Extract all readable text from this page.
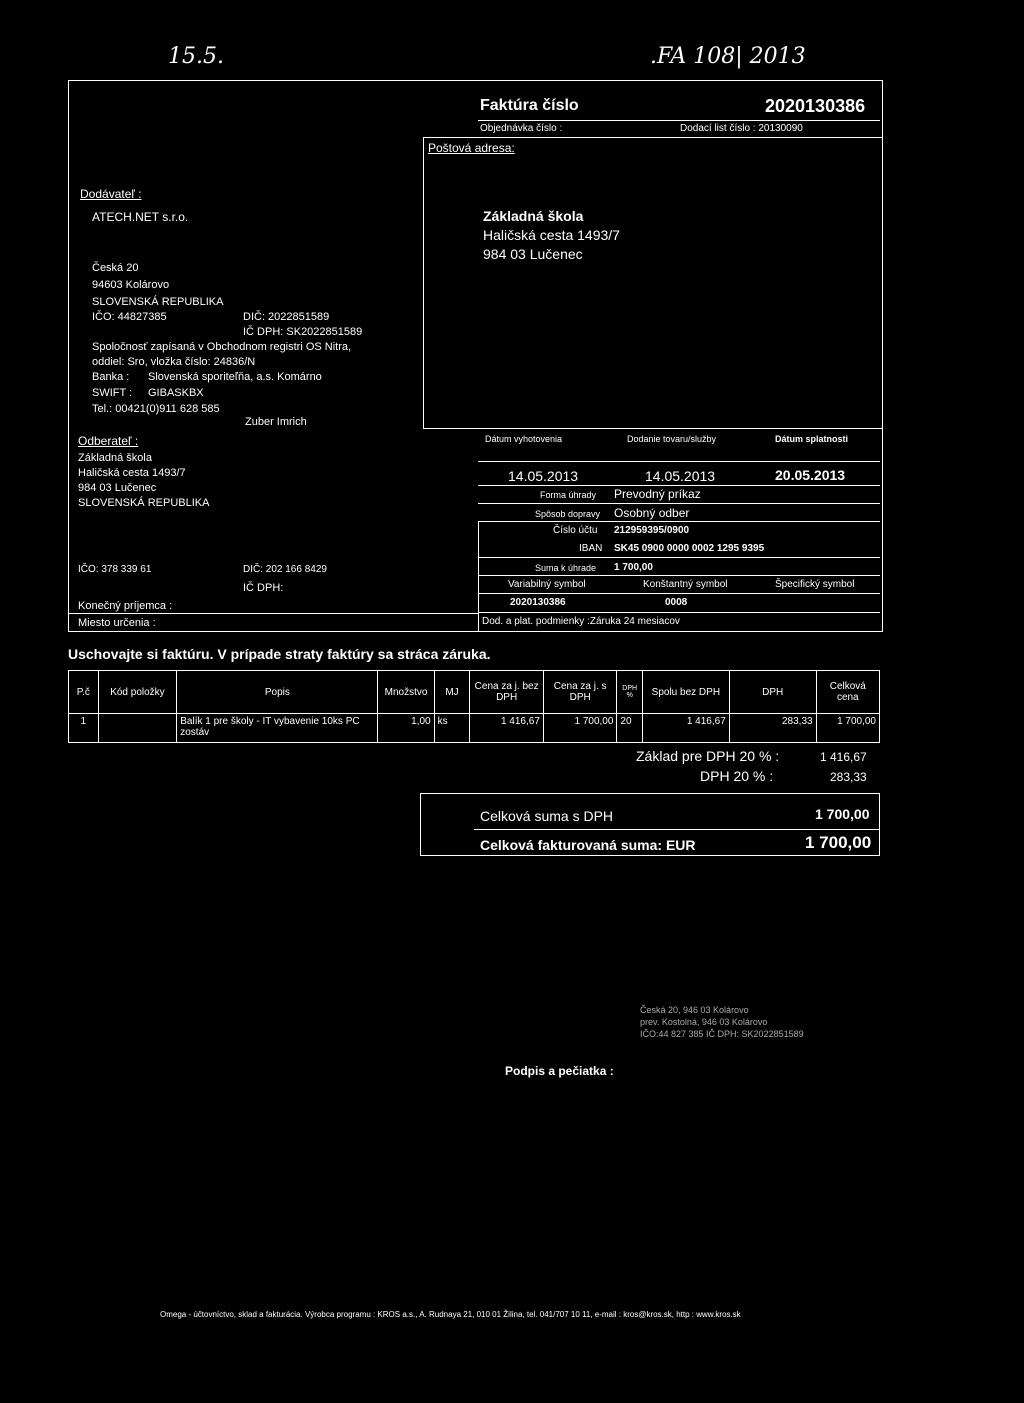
15.5.	.FA 108| 2013
Faktúra číslo	2020130386
Objednávka číslo :	Dodací list číslo : 20130090
Poštová adresa:
Základná škola
Haličská cesta 1493/7
984 03 Lučenec
Dodávateľ :
ATECH.NET s.r.o.
Česká 20
94603 Kolárovo
SLOVENSKÁ REPUBLIKA
IČO: 44827385	DIČ: 2022851589
IČ DPH: SK2022851589
Spoločnosť zapísaná v Obchodnom registri OS Nitra,
oddiel: Sro, vložka číslo: 24836/N
Banka : Slovenská sporiteľňa, a.s. Komárno
SWIFT : GIBASKBX
Tel.: 00421(0)911 628 585
Zuber Imrich
Odberateľ :
Základná škola
Haličská cesta 1493/7
984 03 Lučenec
SLOVENSKÁ REPUBLIKA
IČO: 378 339 61	DIČ: 202 166 8429
IČ DPH:
Konečný príjemca :
Miesto určenia :
Dátum vyhotovenia	Dodanie tovaru/služby	Dátum splatnosti
14.05.2013	14.05.2013	20.05.2013
Forma úhrady Prevodný príkaz
Spôsob dopravy Osobný odber
Číslo účtu 212959395/0900
IBAN SK45 0900 0000 0002 1295 9395
Suma k úhrade 1 700,00
Variabilný symbol	Konštantný symbol	Špecifický symbol
2020130386	0008
Dod. a plat. podmienky :Záruka 24 mesiacov
Uschovajte si faktúru. V prípade straty faktúry sa stráca záruka.
P.č	Kód položky	Popis	Množstvo	MJ	Cena za j. bez DPH	Cena za j. s DPH	DPH %	Spolu bez DPH	DPH	Celková cena
1		Balík 1 pre školy - IT vybavenie 10ks PC zostáv	1,00	ks	1 416,67	1 700,00	20	1 416,67	283,33	1 700,00
Základ pre DPH 20 % :	1 416,67
DPH 20 % :	283,33
Celková suma s DPH	1 700,00
Celková fakturovaná suma: EUR	1 700,00
Česká 20, 946 03 Kolárovo
prev. Kostolná, 946 03 Kolárovo
IČO:44 827 385 IČ DPH: SK2022851589
Podpis a pečiatka :
Omega - účtovníctvo, sklad a fakturácia. Výrobca programu : KROS a.s., A. Rudnaya 21, 010 01 Žilina, tel. 041/707 10 11, e-mail : kros@kros.sk, http : www.kros.sk
